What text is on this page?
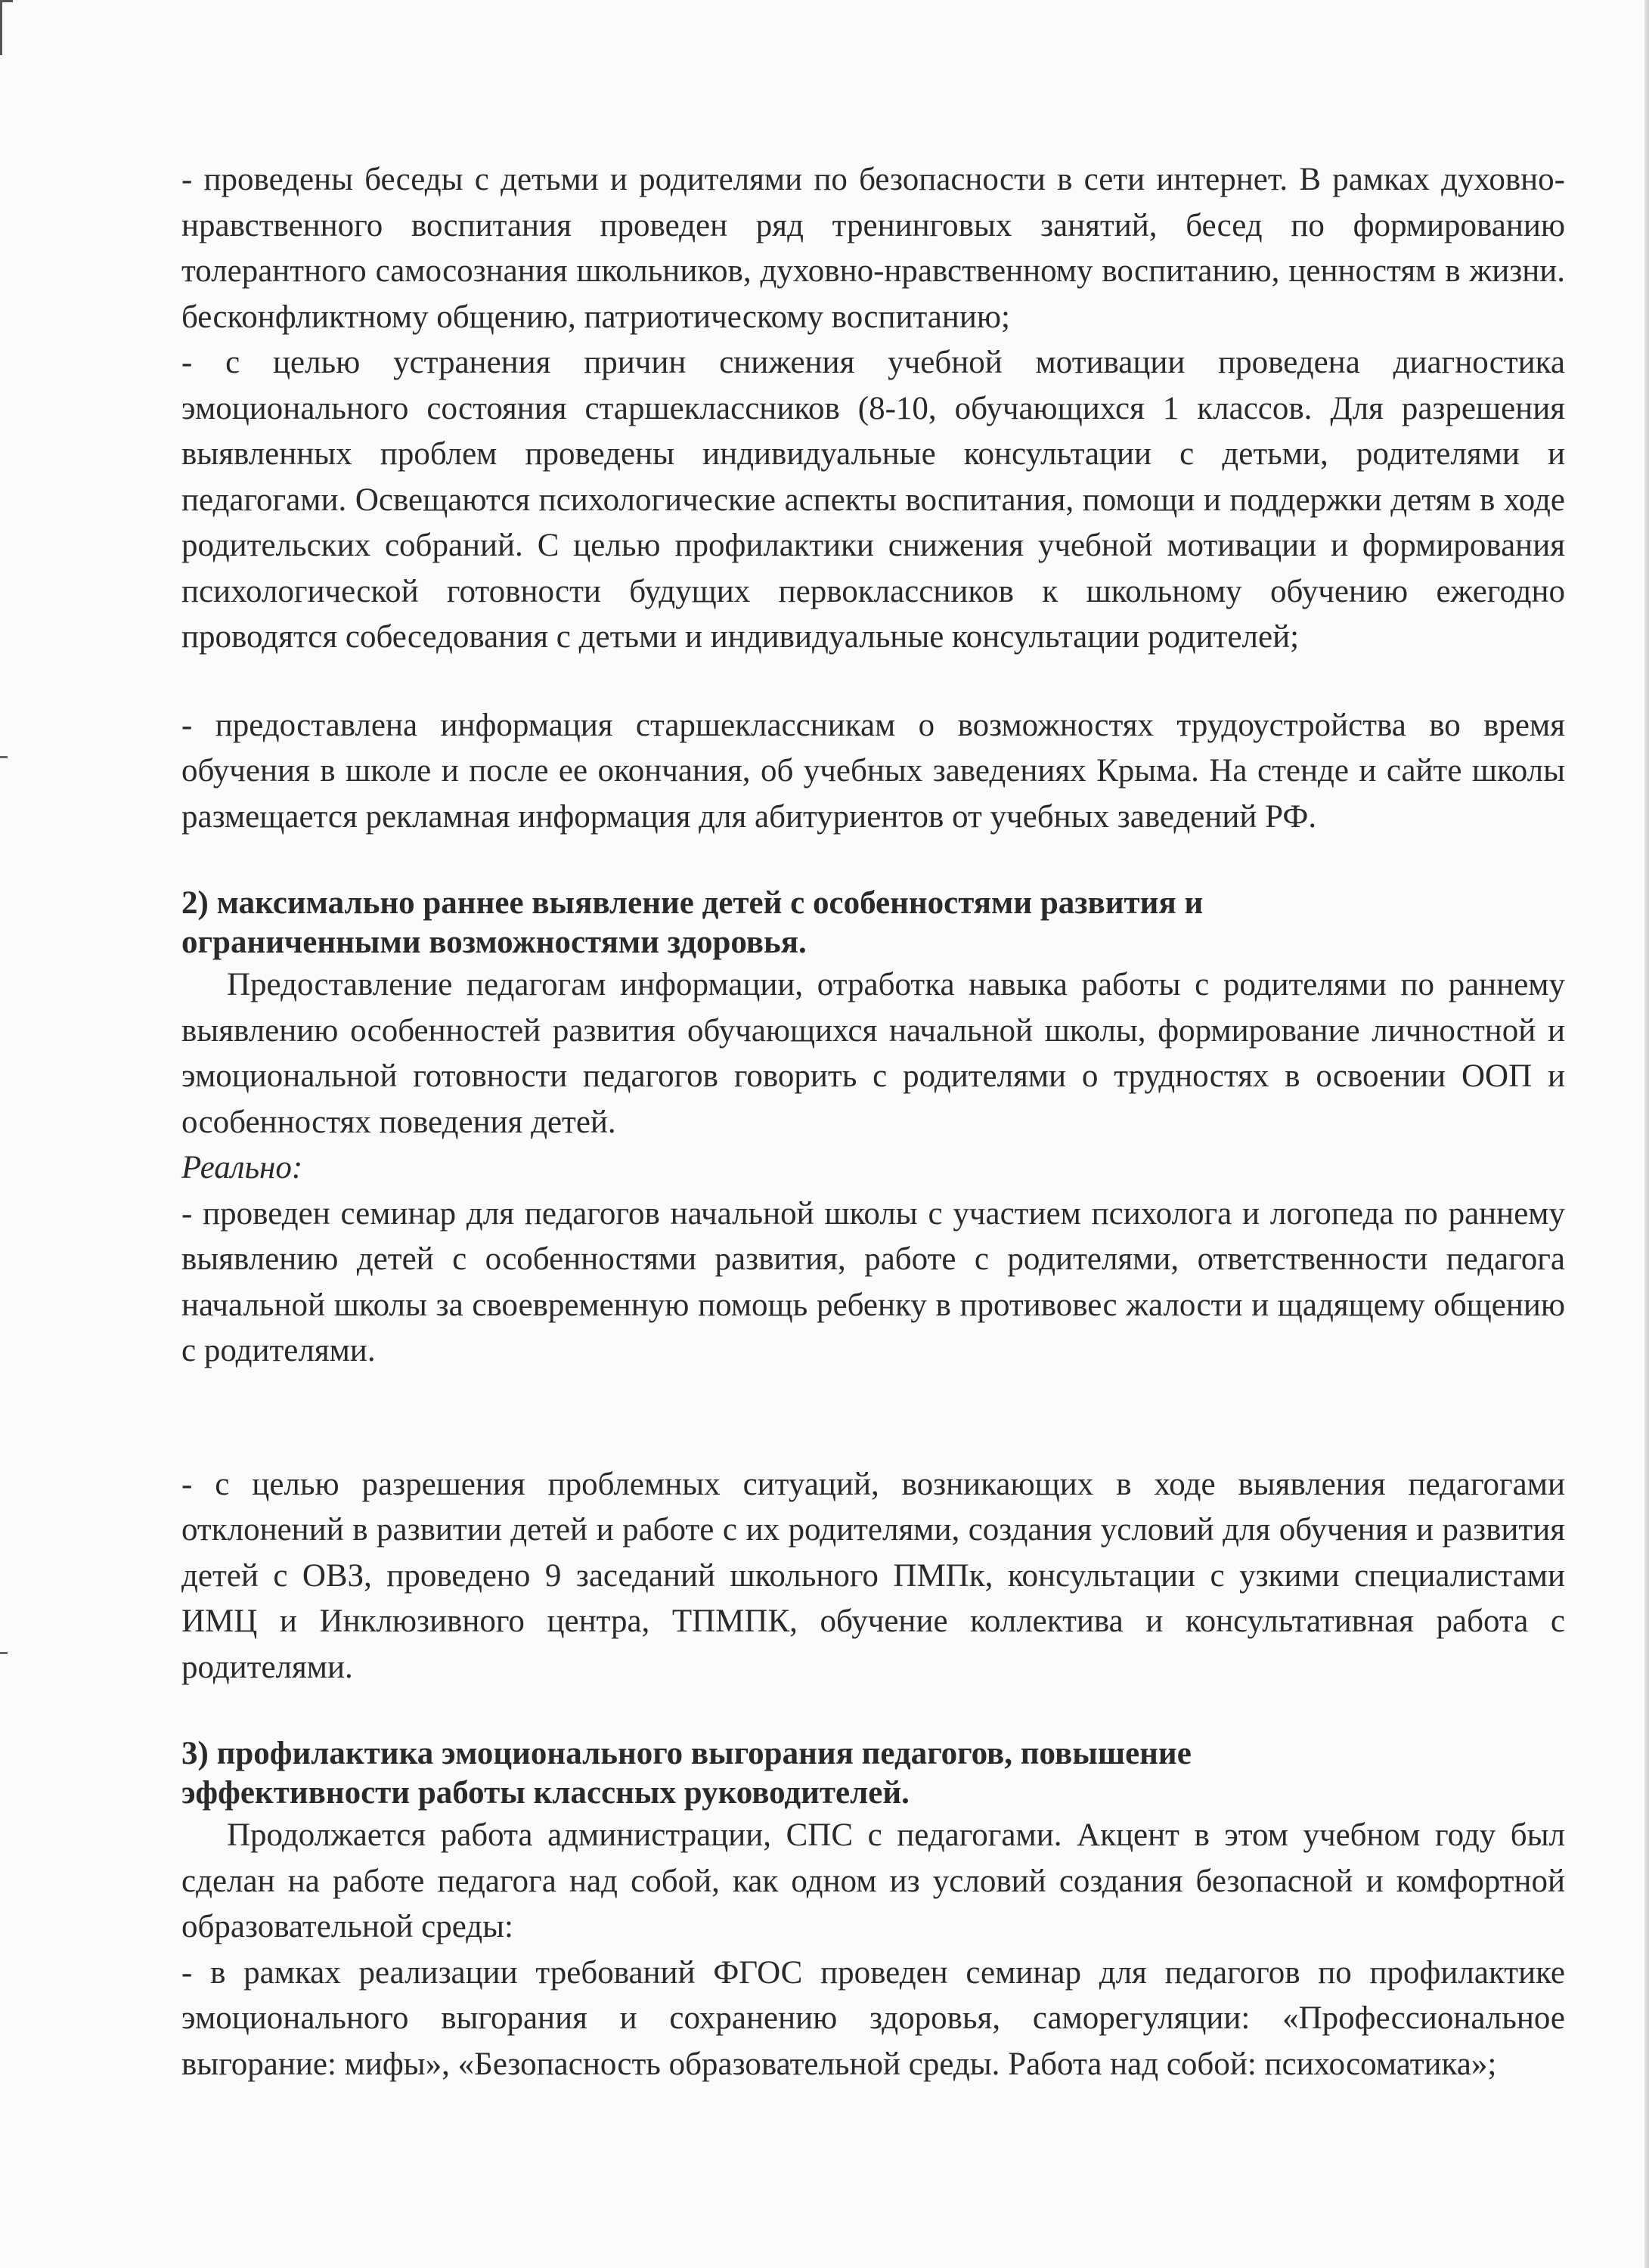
- проведены беседы с детьми и родителями по безопасности в сети интернет. В рамках духовно-нравственного воспитания проведен ряд тренинговых занятий, бесед по формированию толерантного самосознания школьников, духовно-нравственному воспитанию, ценностям в жизни. бесконфликтному общению, патриотическому воспитанию;

- с целью устранения причин снижения учебной мотивации проведена диагностика эмоционального состояния старшеклассников (8-10, обучающихся 1 классов. Для разрешения выявленных проблем проведены индивидуальные консультации с детьми, родителями и педагогами. Освещаются психологические аспекты воспитания, помощи и поддержки детям в ходе родительских собраний. С целью профилактики снижения учебной мотивации и формирования психологической готовности будущих первоклассников к школьному обучению ежегодно проводятся собеседования с детьми и индивидуальные консультации родителей;

- предоставлена информация старшеклассникам о возможностях трудоустройства во время обучения в школе и после ее окончания, об учебных заведениях Крыма. На стенде и сайте школы размещается рекламная информация для абитуриентов от учебных заведений РФ.

2) максимально раннее выявление детей с особенностями развития и
ограниченными возможностями здоровья.

Предоставление педагогам информации, отработка навыка работы с родителями по раннему выявлению особенностей развития обучающихся начальной школы, формирование личностной и эмоциональной готовности педагогов говорить с родителями о трудностях в освоении ООП и особенностях поведения детей.

Реально:

- проведен семинар для педагогов начальной школы с участием психолога и логопеда по раннему выявлению детей с особенностями развития, работе с родителями, ответственности педагога начальной школы за своевременную помощь ребенку в противовес жалости и щадящему общению с родителями.

- с целью разрешения проблемных ситуаций, возникающих в ходе выявления педагогами отклонений в развитии детей и работе с их родителями, создания условий для обучения и развития детей с ОВЗ, проведено 9 заседаний школьного ПМПк, консультации с узкими специалистами ИМЦ и Инклюзивного центра, ТПМПК, обучение коллектива и консультативная работа с родителями.

3) профилактика эмоционального выгорания педагогов, повышение
эффективности работы классных руководителей.

Продолжается работа администрации, СПС с педагогами. Акцент в этом учебном году был сделан на работе педагога над собой, как одном из условий создания безопасной и комфортной образовательной среды:

- в рамках реализации требований ФГОС проведен семинар для педагогов по профилактике эмоционального выгорания и сохранению здоровья, саморегуляции: «Профессиональное выгорание: мифы», «Безопасность образовательной среды. Работа над собой: психосоматика»;
